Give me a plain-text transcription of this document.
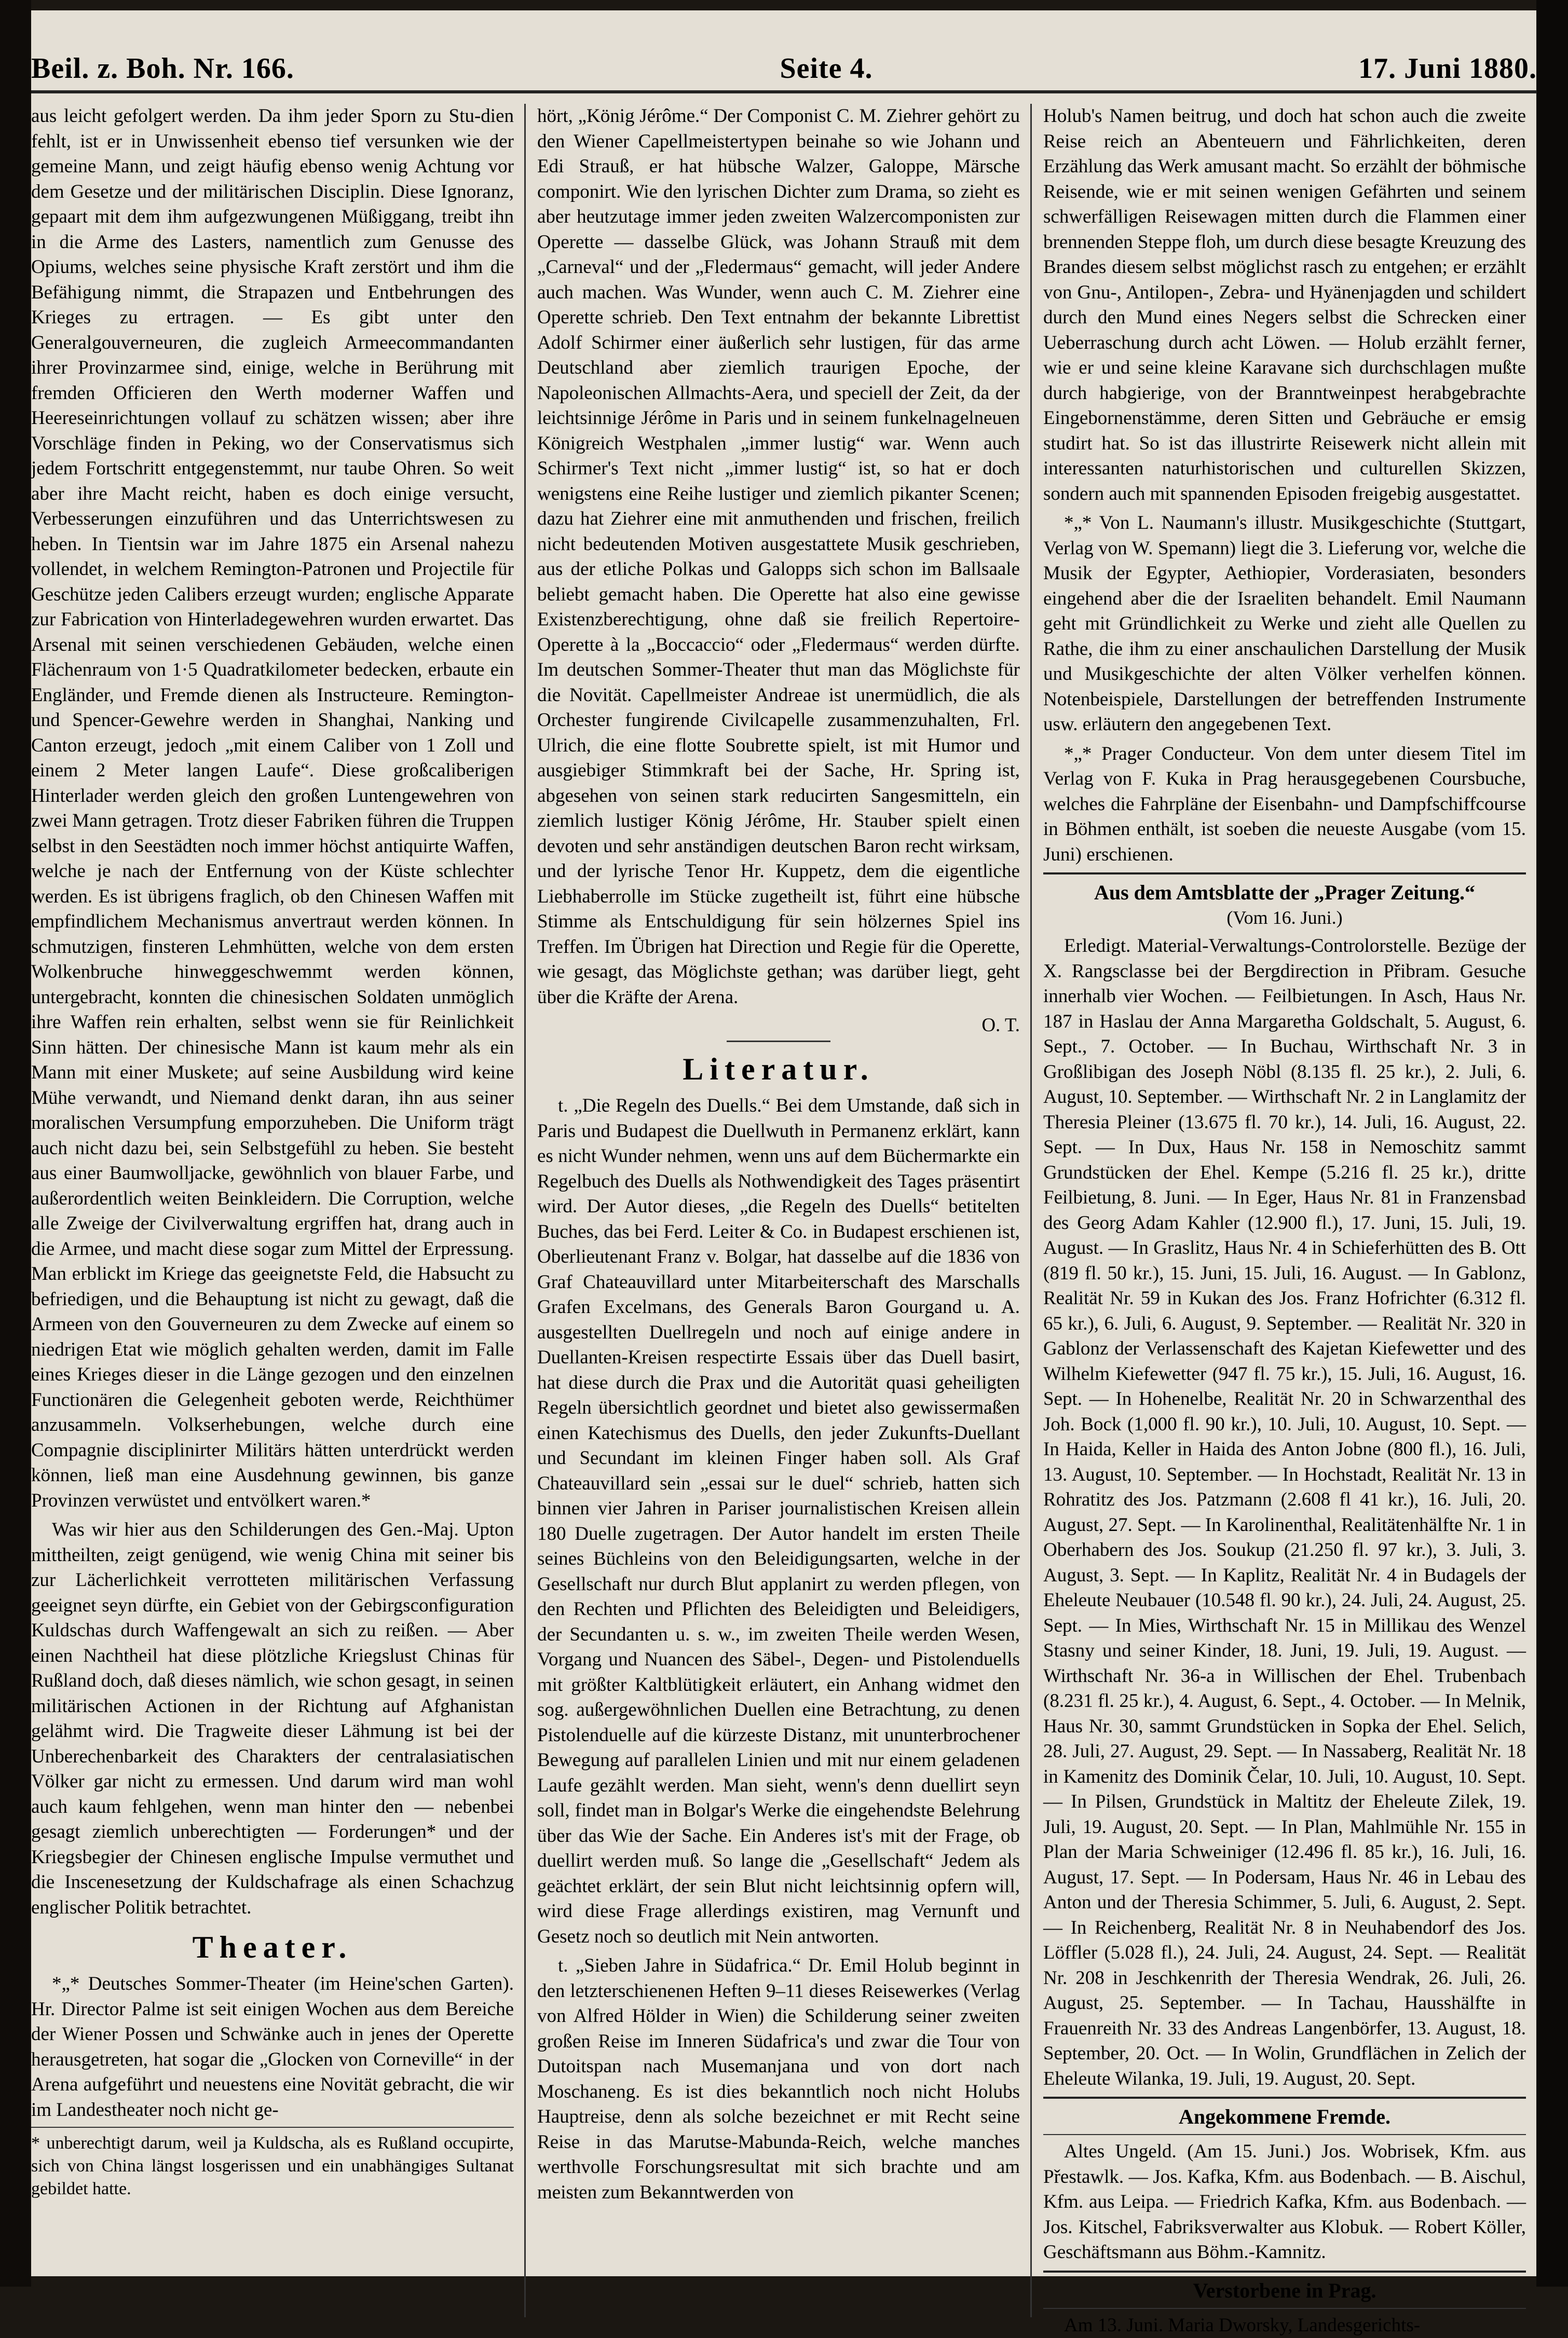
Beil. z. Boh. Nr. 166.	Seite 4.	17. Juni 1880.

aus leicht gefolgert werden. Da ihm jeder Sporn zu Stu-dien fehlt, ist er in Unwissenheit ebenso tief versunken wie der gemeine Mann, und zeigt häufig ebenso wenig Achtung vor dem Gesetze und der militärischen Disciplin. Diese Ignoranz, gepaart mit dem ihm aufgezwungenen Müßiggang, treibt ihn in die Arme des Lasters, namentlich zum Genusse des Opiums, welches seine physische Kraft zerstört und ihm die Befähigung nimmt, die Strapazen und Entbehrungen des Krieges zu ertragen. — Es gibt unter den Generalgouverneuren, die zugleich Armeecommandanten ihrer Provinzarmee sind, einige, welche in Berührung mit fremden Officieren den Werth moderner Waffen und Heereseinrichtungen vollauf zu schätzen wissen; aber ihre Vorschläge finden in Peking, wo der Conservatismus sich jedem Fortschritt entgegenstemmt, nur taube Ohren. So weit aber ihre Macht reicht, haben es doch einige versucht, Verbesserungen einzuführen und das Unterrichtswesen zu heben. In Tientsin war im Jahre 1875 ein Arsenal nahezu vollendet, in welchem Remington-Patronen und Projectile für Geschütze jeden Calibers erzeugt wurden; englische Apparate zur Fabrication von Hinterladegewehren wurden erwartet. Das Arsenal mit seinen verschiedenen Gebäuden, welche einen Flächenraum von 1·5 Quadratkilometer bedecken, erbaute ein Engländer, und Fremde dienen als Instructeure. Remington- und Spencer-Gewehre werden in Shanghai, Nanking und Canton erzeugt, jedoch „mit einem Caliber von 1 Zoll und einem 2 Meter langen Laufe“. Diese großcaliberigen Hinterlader werden gleich den großen Luntengewehren von zwei Mann getragen. Trotz dieser Fabriken führen die Truppen selbst in den Seestädten noch immer höchst antiquirte Waffen, welche je nach der Entfernung von der Küste schlechter werden. Es ist übrigens fraglich, ob den Chinesen Waffen mit empfindlichem Mechanismus anvertraut werden können. In schmutzigen, finsteren Lehmhütten, welche von dem ersten Wolkenbruche hinweggeschwemmt werden können, untergebracht, konnten die chinesischen Soldaten unmöglich ihre Waffen rein erhalten, selbst wenn sie für Reinlichkeit Sinn hätten. Der chinesische Mann ist kaum mehr als ein Mann mit einer Muskete; auf seine Ausbildung wird keine Mühe verwandt, und Niemand denkt daran, ihn aus seiner moralischen Versumpfung emporzuheben. Die Uniform trägt auch nicht dazu bei, sein Selbstgefühl zu heben. Sie besteht aus einer Baumwolljacke, gewöhnlich von blauer Farbe, und außerordentlich weiten Beinkleidern. Die Corruption, welche alle Zweige der Civilverwaltung ergriffen hat, drang auch in die Armee, und macht diese sogar zum Mittel der Erpressung. Man erblickt im Kriege das geeignetste Feld, die Habsucht zu befriedigen, und die Behauptung ist nicht zu gewagt, daß die Armeen von den Gouverneuren zu dem Zwecke auf einem so niedrigen Etat wie möglich gehalten werden, damit im Falle eines Krieges dieser in die Länge gezogen und den einzelnen Functionären die Gelegenheit geboten werde, Reichthümer anzusammeln. Volkserhebungen, welche durch eine Compagnie disciplinirter Militärs hätten unterdrückt werden können, ließ man eine Ausdehnung gewinnen, bis ganze Provinzen verwüstet und entvölkert waren.*

Was wir hier aus den Schilderungen des Gen.-Maj. Upton mittheilten, zeigt genügend, wie wenig China mit seiner bis zur Lächerlichkeit verrotteten militärischen Verfassung geeignet seyn dürfte, ein Gebiet von der Gebirgsconfiguration Kuldschas durch Waffengewalt an sich zu reißen. — Aber einen Nachtheil hat diese plötzliche Kriegslust Chinas für Rußland doch, daß dieses nämlich, wie schon gesagt, in seinen militärischen Actionen in der Richtung auf Afghanistan gelähmt wird. Die Tragweite dieser Lähmung ist bei der Unberechenbarkeit des Charakters der centralasiatischen Völker gar nicht zu ermessen. Und darum wird man wohl auch kaum fehlgehen, wenn man hinter den — nebenbei gesagt ziemlich unberechtigten — Forderungen* und der Kriegsbegier der Chinesen englische Impulse vermuthet und die Inscenesetzung der Kuldschafrage als einen Schachzug englischer Politik betrachtet.

Theater.

*„* Deutsches Sommer-Theater (im Heine'schen Garten). Hr. Director Palme ist seit einigen Wochen aus dem Bereiche der Wiener Possen und Schwänke auch in jenes der Operette herausgetreten, hat sogar die „Glocken von Corneville“ in der Arena aufgeführt und neuestens eine Novität gebracht, die wir im Landestheater noch nicht ge-

* unberechtigt darum, weil ja Kuldscha, als es Rußland occupirte, sich von China längst losgerissen und ein unabhängiges Sultanat gebildet hatte.

hört, „König Jérôme.“ Der Componist C. M. Ziehrer gehört zu den Wiener Capellmeistertypen beinahe so wie Johann und Edi Strauß, er hat hübsche Walzer, Galoppe, Märsche componirt. Wie den lyrischen Dichter zum Drama, so zieht es aber heutzutage immer jeden zweiten Walzercomponisten zur Operette — dasselbe Glück, was Johann Strauß mit dem „Carneval“ und der „Fledermaus“ gemacht, will jeder Andere auch machen. Was Wunder, wenn auch C. M. Ziehrer eine Operette schrieb. Den Text entnahm der bekannte Librettist Adolf Schirmer einer äußerlich sehr lustigen, für das arme Deutschland aber ziemlich traurigen Epoche, der Napoleonischen Allmachts-Aera, und speciell der Zeit, da der leichtsinnige Jérôme in Paris und in seinem funkelnagelneuen Königreich Westphalen „immer lustig“ war. Wenn auch Schirmer's Text nicht „immer lustig“ ist, so hat er doch wenigstens eine Reihe lustiger und ziemlich pikanter Scenen; dazu hat Ziehrer eine mit anmuthenden und frischen, freilich nicht bedeutenden Motiven ausgestattete Musik geschrieben, aus der etliche Polkas und Galopps sich schon im Ballsaale beliebt gemacht haben. Die Operette hat also eine gewisse Existenzberechtigung, ohne daß sie freilich Repertoire-Operette à la „Boccaccio“ oder „Fledermaus“ werden dürfte. Im deutschen Sommer-Theater thut man das Möglichste für die Novität. Capellmeister Andreae ist unermüdlich, die als Orchester fungirende Civilcapelle zusammenzuhalten, Frl. Ulrich, die eine flotte Soubrette spielt, ist mit Humor und ausgiebiger Stimmkraft bei der Sache, Hr. Spring ist, abgesehen von seinen stark reducirten Sangesmitteln, ein ziemlich lustiger König Jérôme, Hr. Stauber spielt einen devoten und sehr anständigen deutschen Baron recht wirksam, und der lyrische Tenor Hr. Kuppetz, dem die eigentliche Liebhaberrolle im Stücke zugetheilt ist, führt eine hübsche Stimme als Entschuldigung für sein hölzernes Spiel ins Treffen. Im Übrigen hat Direction und Regie für die Operette, wie gesagt, das Möglichste gethan; was darüber liegt, geht über die Kräfte der Arena.

O. T.
Literatur.

t. „Die Regeln des Duells.“ Bei dem Umstande, daß sich in Paris und Budapest die Duellwuth in Permanenz erklärt, kann es nicht Wunder nehmen, wenn uns auf dem Büchermarkte ein Regelbuch des Duells als Nothwendigkeit des Tages präsentirt wird. Der Autor dieses, „die Regeln des Duells“ betitelten Buches, das bei Ferd. Leiter & Co. in Budapest erschienen ist, Oberlieutenant Franz v. Bolgar, hat dasselbe auf die 1836 von Graf Chateauvillard unter Mitarbeiterschaft des Marschalls Grafen Excelmans, des Generals Baron Gourgand u. A. ausgestellten Duellregeln und noch auf einige andere in Duellanten-Kreisen respectirte Essais über das Duell basirt, hat diese durch die Prax und die Autorität quasi geheiligten Regeln übersichtlich geordnet und bietet also gewissermaßen einen Katechismus des Duells, den jeder Zukunfts-Duellant und Secundant im kleinen Finger haben soll. Als Graf Chateauvillard sein „essai sur le duel“ schrieb, hatten sich binnen vier Jahren in Pariser journalistischen Kreisen allein 180 Duelle zugetragen. Der Autor handelt im ersten Theile seines Büchleins von den Beleidigungsarten, welche in der Gesellschaft nur durch Blut applanirt zu werden pflegen, von den Rechten und Pflichten des Beleidigten und Beleidigers, der Secundanten u. s. w., im zweiten Theile werden Wesen, Vorgang und Nuancen des Säbel-, Degen- und Pistolenduells mit größter Kaltblütigkeit erläutert, ein Anhang widmet den sog. außergewöhnlichen Duellen eine Betrachtung, zu denen Pistolenduelle auf die kürzeste Distanz, mit ununterbrochener Bewegung auf parallelen Linien und mit nur einem geladenen Laufe gezählt werden. Man sieht, wenn's denn duellirt seyn soll, findet man in Bolgar's Werke die eingehendste Belehrung über das Wie der Sache. Ein Anderes ist's mit der Frage, ob duellirt werden muß. So lange die „Gesellschaft“ Jedem als geächtet erklärt, der sein Blut nicht leichtsinnig opfern will, wird diese Frage allerdings existiren, mag Vernunft und Gesetz noch so deutlich mit Nein antworten.

t. „Sieben Jahre in Südafrica.“ Dr. Emil Holub beginnt in den letzterschienenen Heften 9–11 dieses Reisewerkes (Verlag von Alfred Hölder in Wien) die Schilderung seiner zweiten großen Reise im Inneren Südafrica's und zwar die Tour von Dutoitspan nach Musemanjana und von dort nach Moschaneng. Es ist dies bekanntlich noch nicht Holubs Hauptreise, denn als solche bezeichnet er mit Recht seine Reise in das Marutse-Mabunda-Reich, welche manches werthvolle Forschungsresultat mit sich brachte und am meisten zum Bekanntwerden von

Holub's Namen beitrug, und doch hat schon auch die zweite Reise reich an Abenteuern und Fährlichkeiten, deren Erzählung das Werk amusant macht. So erzählt der böhmische Reisende, wie er mit seinen wenigen Gefährten und seinem schwerfälligen Reisewagen mitten durch die Flammen einer brennenden Steppe floh, um durch diese besagte Kreuzung des Brandes diesem selbst möglichst rasch zu entgehen; er erzählt von Gnu-, Antilopen-, Zebra- und Hyänenjagden und schildert durch den Mund eines Negers selbst die Schrecken einer Ueberraschung durch acht Löwen. — Holub erzählt ferner, wie er und seine kleine Karavane sich durchschlagen mußte durch habgierige, von der Branntweinpest herabgebrachte Eingebornenstämme, deren Sitten und Gebräuche er emsig studirt hat. So ist das illustrirte Reisewerk nicht allein mit interessanten naturhistorischen und culturellen Skizzen, sondern auch mit spannenden Episoden freigebig ausgestattet.

*„* Von L. Naumann's illustr. Musikgeschichte (Stuttgart, Verlag von W. Spemann) liegt die 3. Lieferung vor, welche die Musik der Egypter, Aethiopier, Vorderasiaten, besonders eingehend aber die der Israeliten behandelt. Emil Naumann geht mit Gründlichkeit zu Werke und zieht alle Quellen zu Rathe, die ihm zu einer anschaulichen Darstellung der Musik und Musikgeschichte der alten Völker verhelfen können. Notenbeispiele, Darstellungen der betreffenden Instrumente usw. erläutern den angegebenen Text.

*„* Prager Conducteur. Von dem unter diesem Titel im Verlag von F. Kuka in Prag herausgegebenen Coursbuche, welches die Fahrpläne der Eisenbahn- und Dampfschiffcourse in Böhmen enthält, ist soeben die neueste Ausgabe (vom 15. Juni) erschienen.

Aus dem Amtsblatte der „Prager Zeitung.“
(Vom 16. Juni.)

Erledigt. Material-Verwaltungs-Controlorstelle. Bezüge der X. Rangsclasse bei der Bergdirection in Přibram. Gesuche innerhalb vier Wochen. — Feilbietungen. In Asch, Haus Nr. 187 in Haslau der Anna Margaretha Goldschalt, 5. August, 6. Sept., 7. October. — In Buchau, Wirthschaft Nr. 3 in Großlibigan des Joseph Nöbl (8.135 fl. 25 kr.), 2. Juli, 6. August, 10. September. — Wirthschaft Nr. 2 in Langlamitz der Theresia Pleiner (13.675 fl. 70 kr.), 14. Juli, 16. August, 22. Sept. — In Dux, Haus Nr. 158 in Nemoschitz sammt Grundstücken der Ehel. Kempe (5.216 fl. 25 kr.), dritte Feilbietung, 8. Juni. — In Eger, Haus Nr. 81 in Franzensbad des Georg Adam Kahler (12.900 fl.), 17. Juni, 15. Juli, 19. August. — In Graslitz, Haus Nr. 4 in Schieferhütten des B. Ott (819 fl. 50 kr.), 15. Juni, 15. Juli, 16. August. — In Gablonz, Realität Nr. 59 in Kukan des Jos. Franz Hofrichter (6.312 fl. 65 kr.), 6. Juli, 6. August, 9. September. — Realität Nr. 320 in Gablonz der Verlassenschaft des Kajetan Kiefewetter und des Wilhelm Kiefewetter (947 fl. 75 kr.), 15. Juli, 16. August, 16. Sept. — In Hohenelbe, Realität Nr. 20 in Schwarzenthal des Joh. Bock (1,000 fl. 90 kr.), 10. Juli, 10. August, 10. Sept. — In Haida, Keller in Haida des Anton Jobne (800 fl.), 16. Juli, 13. August, 10. September. — In Hochstadt, Realität Nr. 13 in Rohratitz des Jos. Patzmann (2.608 fl 41 kr.), 16. Juli, 20. August, 27. Sept. — In Karolinenthal, Realitätenhälfte Nr. 1 in Oberhabern des Jos. Soukup (21.250 fl. 97 kr.), 3. Juli, 3. August, 3. Sept. — In Kaplitz, Realität Nr. 4 in Budagels der Eheleute Neubauer (10.548 fl. 90 kr.), 24. Juli, 24. August, 25. Sept. — In Mies, Wirthschaft Nr. 15 in Millikau des Wenzel Stasny und seiner Kinder, 18. Juni, 19. Juli, 19. August. — Wirthschaft Nr. 36-a in Willischen der Ehel. Trubenbach (8.231 fl. 25 kr.), 4. August, 6. Sept., 4. October. — In Melnik, Haus Nr. 30, sammt Grundstücken in Sopka der Ehel. Selich, 28. Juli, 27. August, 29. Sept. — In Nassaberg, Realität Nr. 18 in Kamenitz des Dominik Čelar, 10. Juli, 10. August, 10. Sept. — In Pilsen, Grundstück in Maltitz der Eheleute Zilek, 19. Juli, 19. August, 20. Sept. — In Plan, Mahlmühle Nr. 155 in Plan der Maria Schweiniger (12.496 fl. 85 kr.), 16. Juli, 16. August, 17. Sept. — In Podersam, Haus Nr. 46 in Lebau des Anton und der Theresia Schimmer, 5. Juli, 6. August, 2. Sept. — In Reichenberg, Realität Nr. 8 in Neuhabendorf des Jos. Löffler (5.028 fl.), 24. Juli, 24. August, 24. Sept. — Realität Nr. 208 in Jeschkenrith der Theresia Wendrak, 26. Juli, 26. August, 25. September. — In Tachau, Hausshälfte in Frauenreith Nr. 33 des Andreas Langenbörfer, 13. August, 18. September, 20. Oct. — In Wolin, Grundflächen in Zelich der Eheleute Wilanka, 19. Juli, 19. August, 20. Sept.

Angekommene Fremde.

Altes Ungeld. (Am 15. Juni.) Jos. Wobrisek, Kfm. aus Přestawlk. — Jos. Kafka, Kfm. aus Bodenbach. — B. Aischul, Kfm. aus Leipa. — Friedrich Kafka, Kfm. aus Bodenbach. — Jos. Kitschel, Fabriksverwalter aus Klobuk. — Robert Köller, Geschäftsmann aus Böhm.-Kamnitz.

Verstorbene in Prag.

Am 13. Juni. Maria Dworsky, Landesgerichts-
